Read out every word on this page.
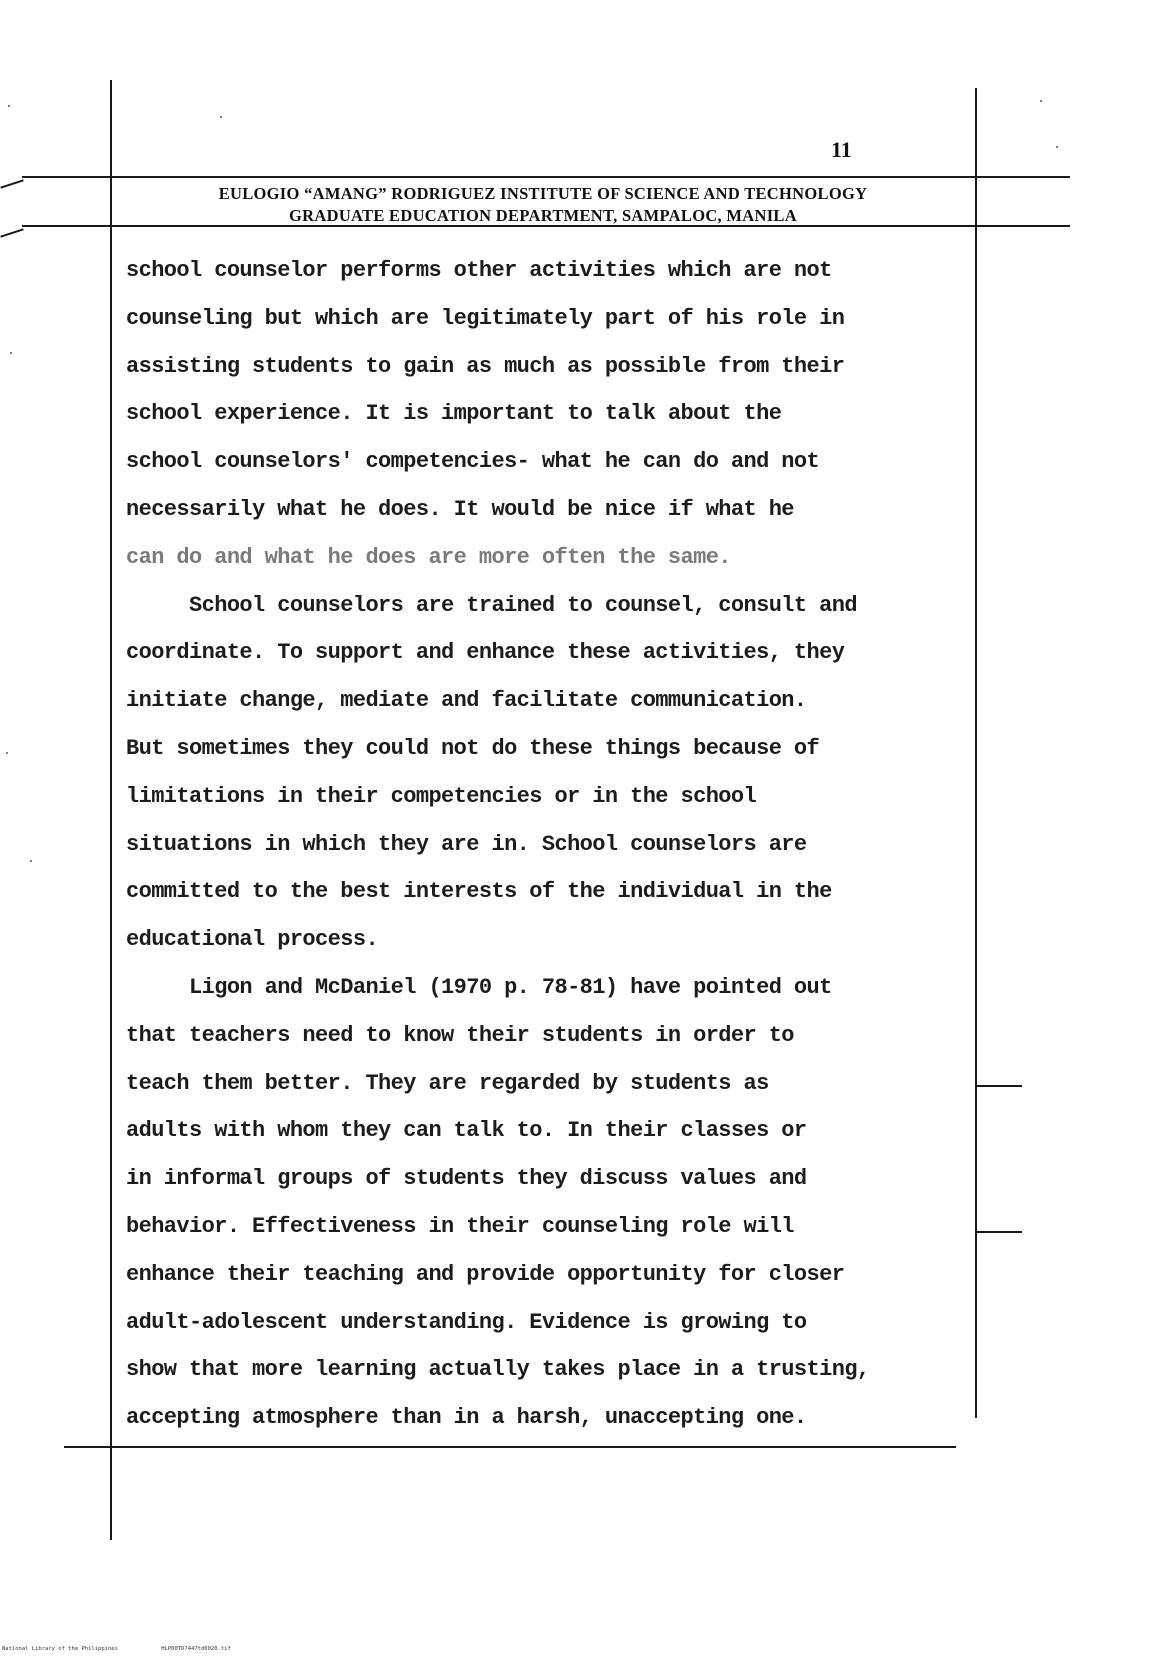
11
EULOGIO “AMANG” RODRIGUEZ INSTITUTE OF SCIENCE AND TECHNOLOGY
GRADUATE EDUCATION DEPARTMENT, SAMPALOC, MANILA
school counselor performs other activities which are not
counseling but which are legitimately part of his role in
assisting students to gain as much as possible from their
school experience. It is important to talk about the
school counselors' competencies- what he can do and not
necessarily what he does. It would be nice if what he
can do and what he does are more often the same.
School counselors are trained to counsel, consult and
coordinate. To support and enhance these activities, they
initiate change, mediate and facilitate communication.
But sometimes they could not do these things because of
limitations in their competencies or in the school
situations in which they are in. School counselors are
committed to the best interests of the individual in the
educational process.
Ligon and McDaniel (1970 p. 78-81) have pointed out
that teachers need to know their students in order to
teach them better. They are regarded by students as
adults with whom they can talk to. In their classes or
in informal groups of students they discuss values and
behavior. Effectiveness in their counseling role will
enhance their teaching and provide opportunity for closer
adult-adolescent understanding. Evidence is growing to
show that more learning actually takes place in a trusting,
accepting atmosphere than in a harsh, unaccepting one.
National Library of the Philippines	HLP00TD7447td0020.tif
